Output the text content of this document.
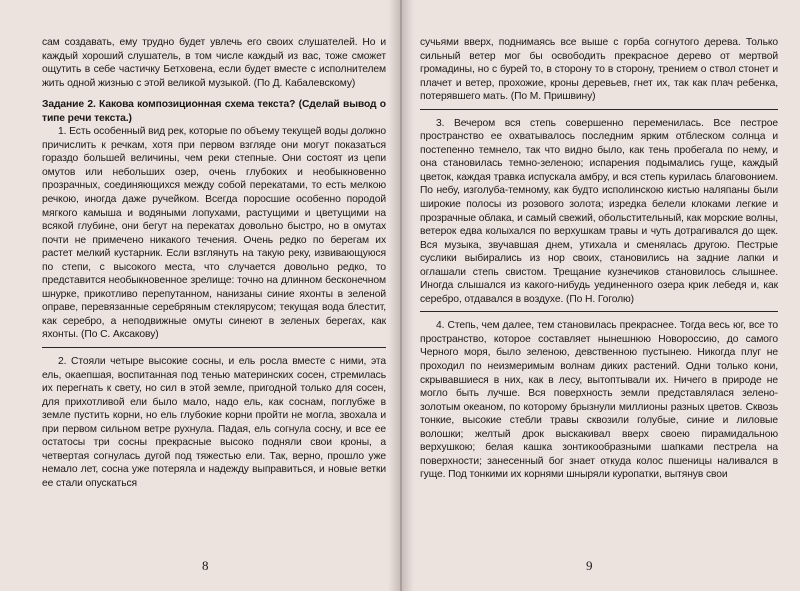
сам создавать, ему трудно будет увлечь его своих слушателей. Но и каждый хороший слушатель, в том числе каждый из вас, тоже сможет ощутить в себе частичку Бетховена, если будет вместе с исполнителем жить одной жизнью с этой великой музыкой. (По Д. Кабалевскому)

Задание 2. Какова композиционная схема текста? (Сделай вывод о типе речи текста.)

1. Есть особенный вид рек, которые по объему текущей воды должно причислить к речкам, хотя при первом взгляде они могут показаться гораздо большей величины, чем реки степные. Они состоят из цепи омутов или небольших озер, очень глубоких и необыкновенно прозрачных, соединяющихся между собой перекатами, то есть мелкою речкою, иногда даже ручейком. Всегда поросшие особенно породой мягкого камыша и водяными лопухами, растущими и цветущими на всякой глубине, они бегут на перекатах довольно быстро, но в омутах почти не примечено никакого течения. Очень редко по берегам их растет мелкий кустарник. Если взглянуть на такую реку, извивающуюся по степи, с высокого места, что случается довольно редко, то представится необыкновенное зрелище: точно на длинном бесконечном шнурке, прикотливо перепутанном, нанизаны синие яхонты в зеленой оправе, перевязанные серебряным стеклярусом; текущая вода блестит, как серебро, а неподвижные омуты синеют в зеленых берегах, как яхонты. (По С. Аксакову)

2. Стояли четыре высокие сосны, и ель росла вместе с ними, эта ель, окаепшая, воспитанная под тенью материнских сосен, стремилась их перегнать к свету, но сил в этой земле, пригодной только для сосен, для прихотливой ели было мало, надо ель, как соснам, поглубже в земле пустить корни, но ель глубокие корни пройти не могла, звохала и при первом сильном ветре рухнула. Падая, ель согнула сосну, и все ее остатосы три сосны прекрасные высоко подняли свои кроны, а четвертая согнулась дугой под тяжестью ели. Так, верно, прошло уже немало лет, сосна уже потеряла и надежду выправиться, и новые ветки ее стали опускаться

8

сучьями вверх, поднимаясь все выше с горба согнутого дерева. Только сильный ветер мог бы освободить прекрасное дерево от мертвой громадины, но с бурей то, в сторону то в сторону, трением о ствол стонет и плачет и ветер, прохожие, кроны деревьев, гнет их, так как плач ребенка, потерявшего мать. (По М. Пришвину)

3. Вечером вся степь совершенно переменилась. Все пестрое пространство ее охватывалось последним ярким отблеском солнца и постепенно темнело, так что видно было, как тень пробегала по нему, и она становилась темно-зеленою; испарения подымались гуще, каждый цветок, каждая травка испускала амбру, и вся степь курилась благовонием. По небу, изголуба-темному, как будто исполинскою кистью наляпаны были широкие полосы из розового золота; изредка белели клоками легкие и прозрачные облака, и самый свежий, обольстительный, как морские волны, ветерок едва колыхался по верхушкам травы и чуть дотрагивался до щек. Вся музыка, звучавшая днем, утихала и сменялась другою. Пестрые суслики выбирались из нор своих, становились на задние лапки и оглашали степь свистом. Трещание кузнечиков становилось слышнее. Иногда слышался из какого-нибудь уединенного озера крик лебедя и, как серебро, отдавался в воздухе. (По Н. Гоголю)

4. Степь, чем далее, тем становилась прекраснее. Тогда весь юг, все то пространство, которое составляет нынешнюю Новороссию, до самого Черного моря, было зеленою, девственною пустынею. Никогда плуг не проходил по неизмеримым волнам диких растений. Одни только кони, скрывавшиеся в них, как в лесу, вытоптывали их. Ничего в природе не могло быть лучше. Вся поверхность земли представлялася зелено-золотым океаном, по которому брызнули миллионы разных цветов. Сквозь тонкие, высокие стебли травы сквозили голубые, синие и лиловые волошки; желтый дрок выскакивал вверх своею пирамидальною верхушкою; белая кашка зонтикообразными шапками пестрела на поверхности; занесенный бог знает откуда колос пшеницы наливался в гуще. Под тонкими их корнями шныряли куропатки, вытянув свои

9
